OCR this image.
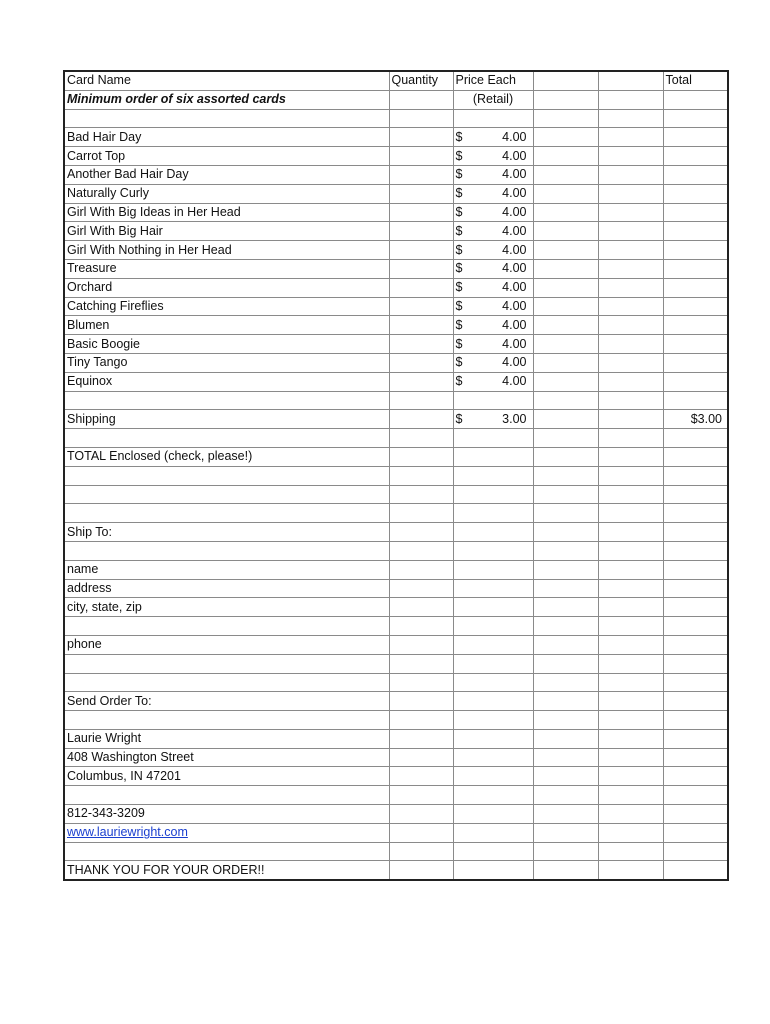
Card Name	Quantity	Price Each			Total
Minimum order of six assorted cards		(Retail)			

Bad Hair Day		$ 4.00			

Carrot Top		$ 4.00			

Another Bad Hair Day		$ 4.00			

Naturally Curly		$ 4.00			

Girl With Big Ideas in Her Head		$ 4.00			

Girl With Big Hair		$ 4.00			

Girl With Nothing in Her Head		$ 4.00			

Treasure		$ 4.00			

Orchard		$ 4.00			

Catching Fireflies		$ 4.00			

Blumen		$ 4.00			

Basic Boogie		$ 4.00			

Tiny Tango		$ 4.00			

Equinox		$ 4.00			

Shipping		$ 3.00			$3.00

TOTAL Enclosed (check, please!)					

Ship To:					

name					
address					
city, state, zip					

phone					

Send Order To:					

Laurie Wright					
408 Washington Street					
Columbus, IN 47201					

812-343-3209					
www.lauriewright.com					

THANK YOU FOR YOUR ORDER!!					
